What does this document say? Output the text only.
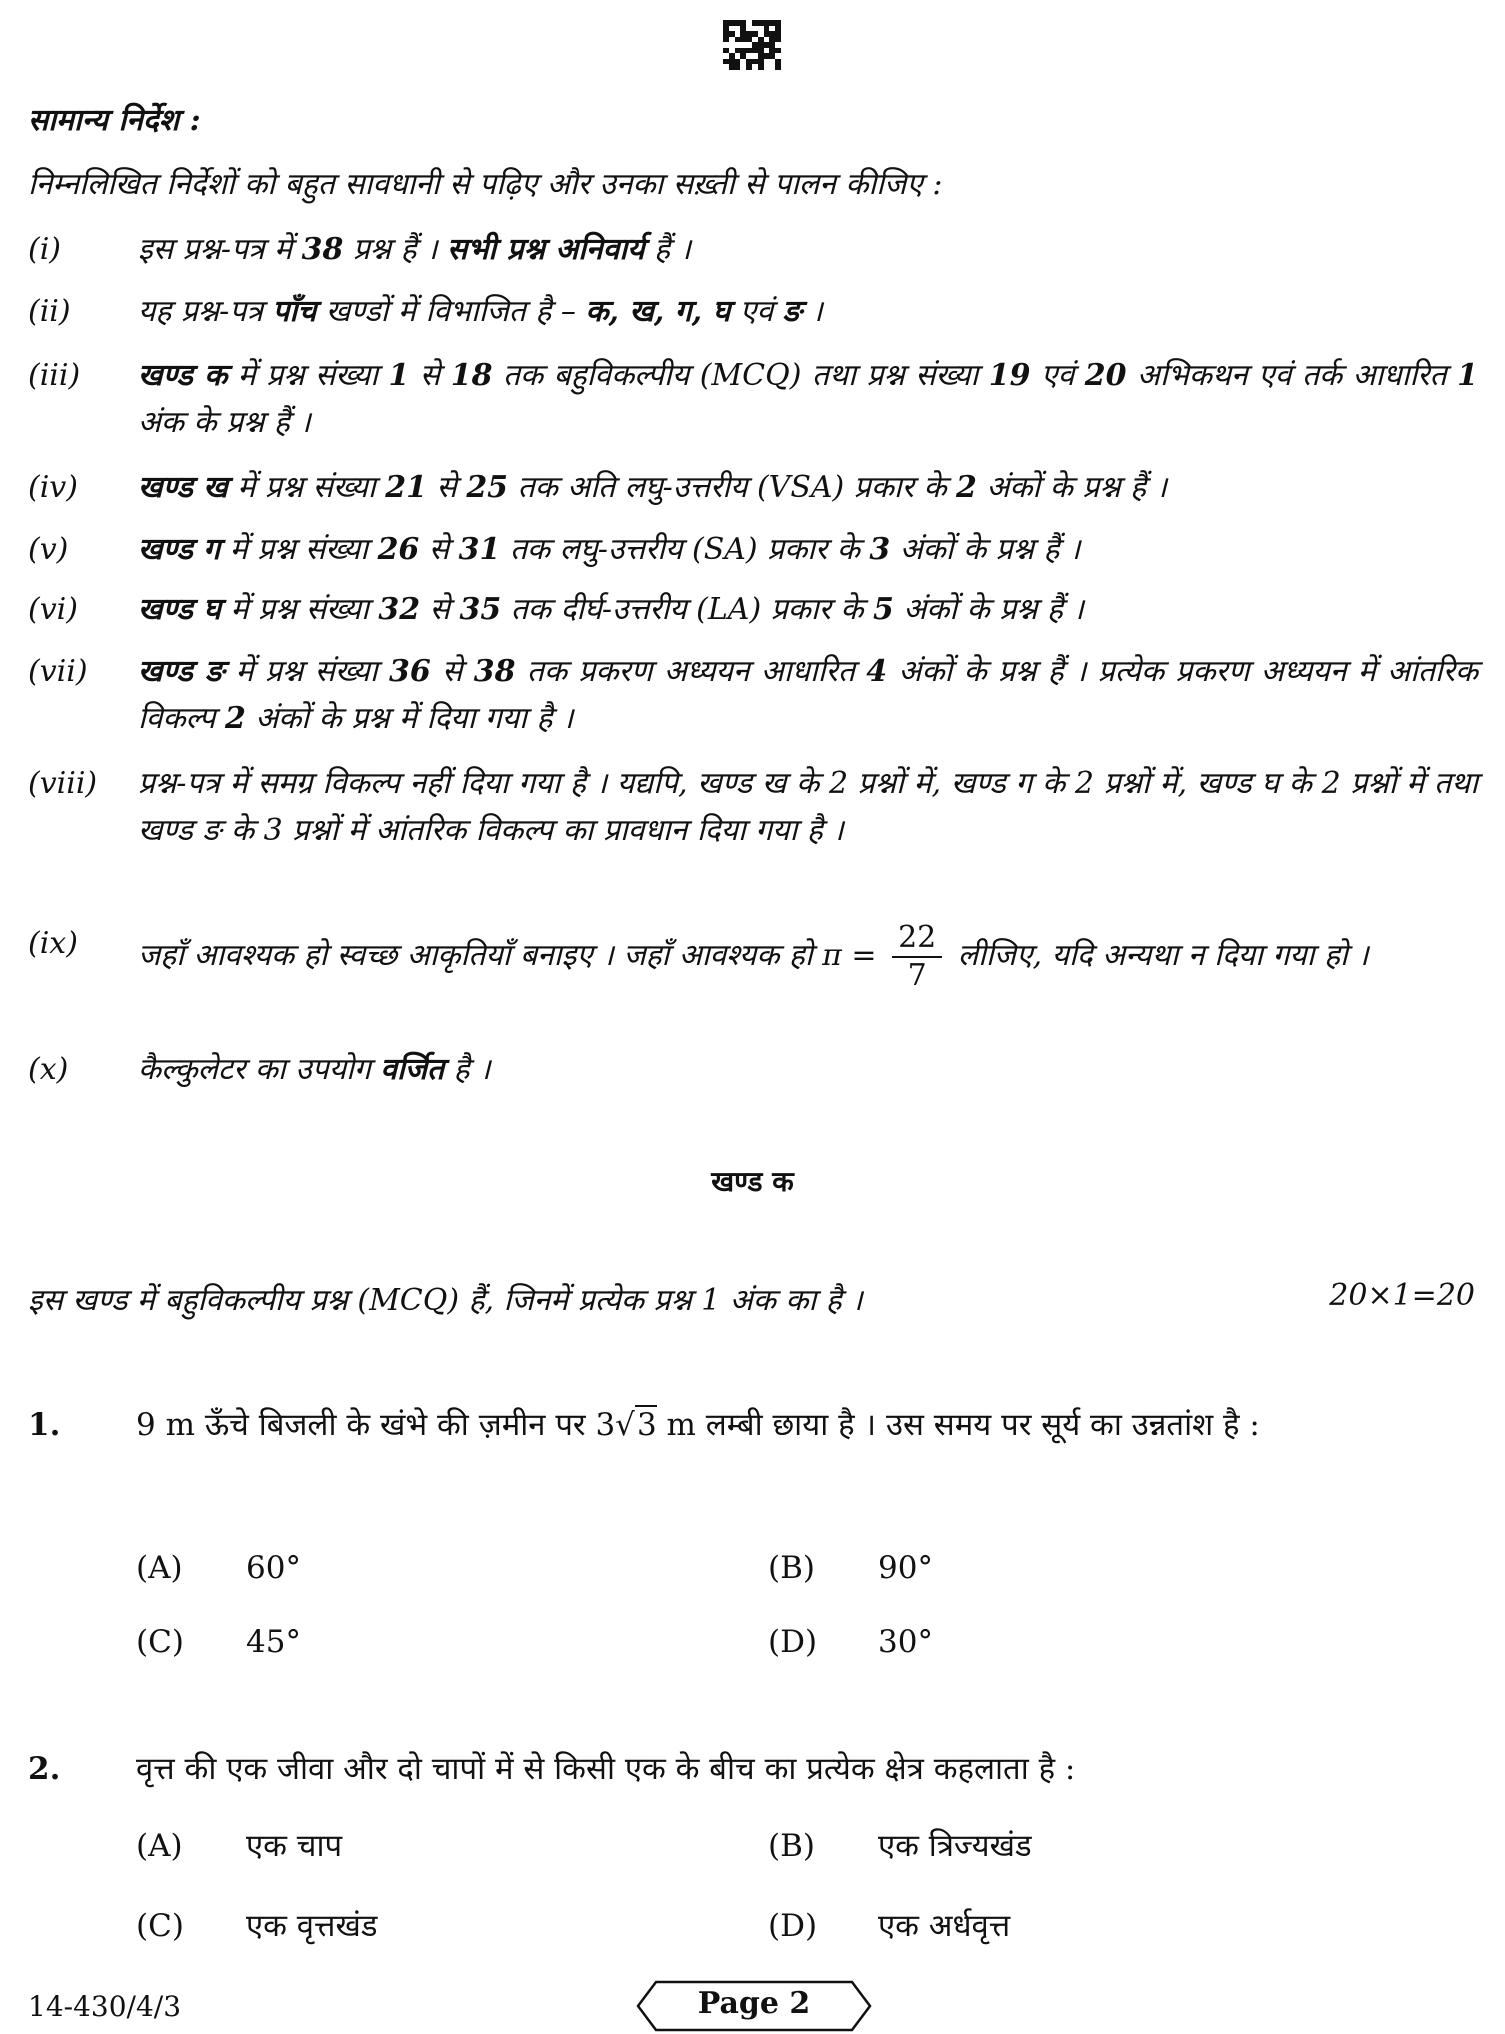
सामान्य निर्देश :
निम्नलिखित निर्देशों को बहुत सावधानी से पढ़िए और उनका सख़्ती से पालन कीजिए :
(i)	इस प्रश्न-पत्र में 38 प्रश्न हैं । सभी प्रश्न अनिवार्य हैं ।
(ii)	यह प्रश्न-पत्र पाँच खण्डों में विभाजित है – क, ख, ग, घ एवं ङ ।
(iii)	खण्ड क में प्रश्न संख्या 1 से 18 तक बहुविकल्पीय (MCQ) तथा प्रश्न संख्या 19 एवं 20 अभिकथन एवं तर्क आधारित 1 अंक के प्रश्न हैं ।
(iv)	खण्ड ख में प्रश्न संख्या 21 से 25 तक अति लघु-उत्तरीय (VSA) प्रकार के 2 अंकों के प्रश्न हैं ।
(v)	खण्ड ग में प्रश्न संख्या 26 से 31 तक लघु-उत्तरीय (SA) प्रकार के 3 अंकों के प्रश्न हैं ।
(vi)	खण्ड घ में प्रश्न संख्या 32 से 35 तक दीर्घ-उत्तरीय (LA) प्रकार के 5 अंकों के प्रश्न हैं ।
(vii)	खण्ड ङ में प्रश्न संख्या 36 से 38 तक प्रकरण अध्ययन आधारित 4 अंकों के प्रश्न हैं । प्रत्येक प्रकरण अध्ययन में आंतरिक विकल्प 2 अंकों के प्रश्न में दिया गया है ।
(viii)	प्रश्न-पत्र में समग्र विकल्प नहीं दिया गया है । यद्यपि, खण्ड ख के 2 प्रश्नों में, खण्ड ग के 2 प्रश्नों में, खण्ड घ के 2 प्रश्नों में तथा खण्ड ङ के 3 प्रश्नों में आंतरिक विकल्प का प्रावधान दिया गया है ।
(ix)	जहाँ आवश्यक हो स्वच्छ आकृतियाँ बनाइए । जहाँ आवश्यक हो $\pi = \frac{22}{7}$ लीजिए, यदि अन्यथा न दिया गया हो ।
(x)	कैल्कुलेटर का उपयोग वर्जित है ।
खण्ड क
इस खण्ड में बहुविकल्पीय प्रश्न (MCQ) हैं, जिनमें प्रत्येक प्रश्न 1 अंक का है ।	20×1=20
1. 9 m ऊँचे बिजली के खंभे की ज़मीन पर 3√3 m लम्बी छाया है । उस समय पर सूर्य का उन्नतांश है :
(A) 60°	(B) 90°
(C) 45°	(D) 30°
2. वृत्त की एक जीवा और दो चापों में से किसी एक के बीच का प्रत्येक क्षेत्र कहलाता है :
(A) एक चाप	(B) एक त्रिज्यखंड
(C) एक वृत्तखंड	(D) एक अर्धवृत्त
14-430/4/3	Page 2
